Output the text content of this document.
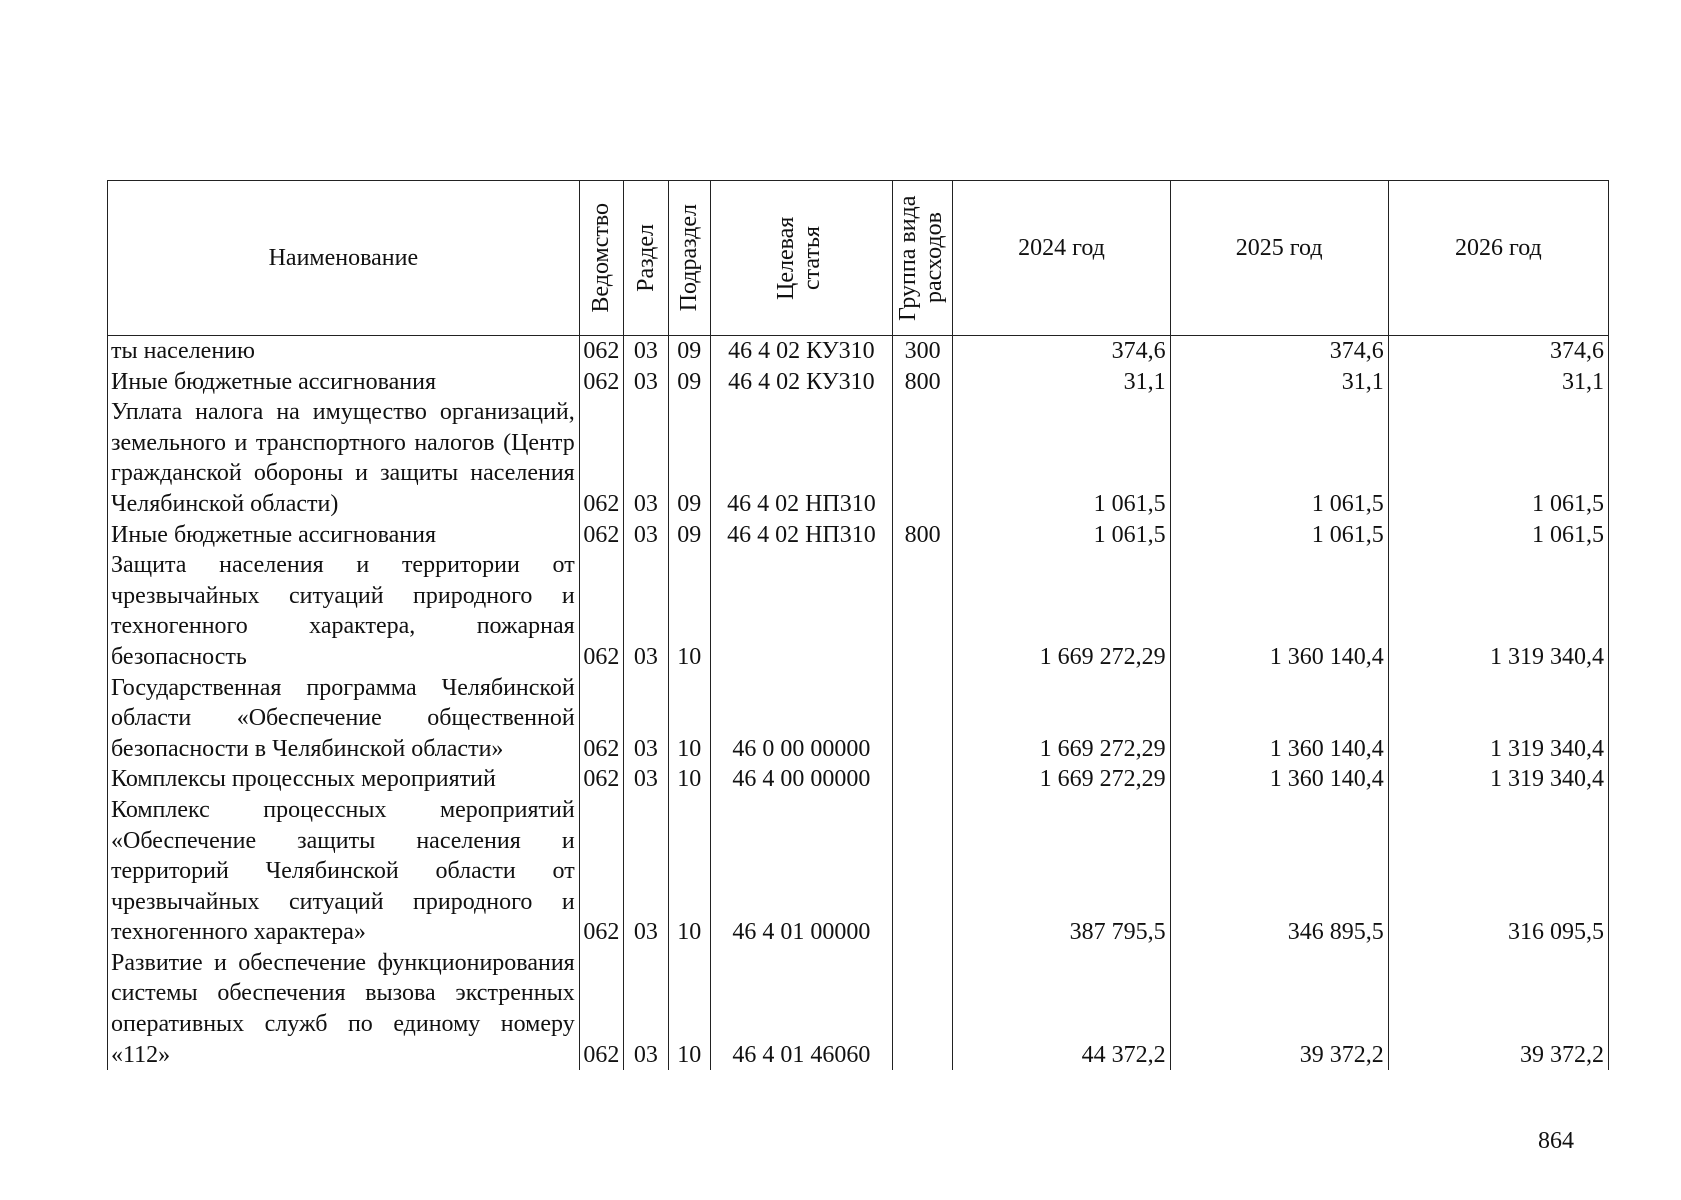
Наименование	Ведомство	Раздел	Подраздел	Целевая статья	Группа вида расходов	2024 год	2025 год	2026 год
ты населению	062	03	09	46 4 02 КУ310	300	374,6	374,6	374,6
Иные бюджетные ассигнования	062	03	09	46 4 02 КУ310	800	31,1	31,1	31,1
Уплата налога на имущество организаций, земельного и транспортного налогов (Центр гражданской обороны и защиты населения Челябинской области)	062	03	09	46 4 02 НП310		1 061,5	1 061,5	1 061,5
Иные бюджетные ассигнования	062	03	09	46 4 02 НП310	800	1 061,5	1 061,5	1 061,5
Защита населения и территории от чрезвычайных ситуаций природного и техногенного характера, пожарная безопасность	062	03	10			1 669 272,29	1 360 140,4	1 319 340,4
Государственная программа Челябинской области «Обеспечение общественной безопасности в Челябинской области»	062	03	10	46 0 00 00000		1 669 272,29	1 360 140,4	1 319 340,4
Комплексы процессных мероприятий	062	03	10	46 4 00 00000		1 669 272,29	1 360 140,4	1 319 340,4
Комплекс процессных мероприятий «Обеспечение защиты населения и территорий Челябинской области от чрезвычайных ситуаций природного и техногенного характера»	062	03	10	46 4 01 00000		387 795,5	346 895,5	316 095,5
Развитие и обеспечение функционирования системы обеспечения вызова экстренных оперативных служб по единому номеру «112»	062	03	10	46 4 01 46060		44 372,2	39 372,2	39 372,2
864
